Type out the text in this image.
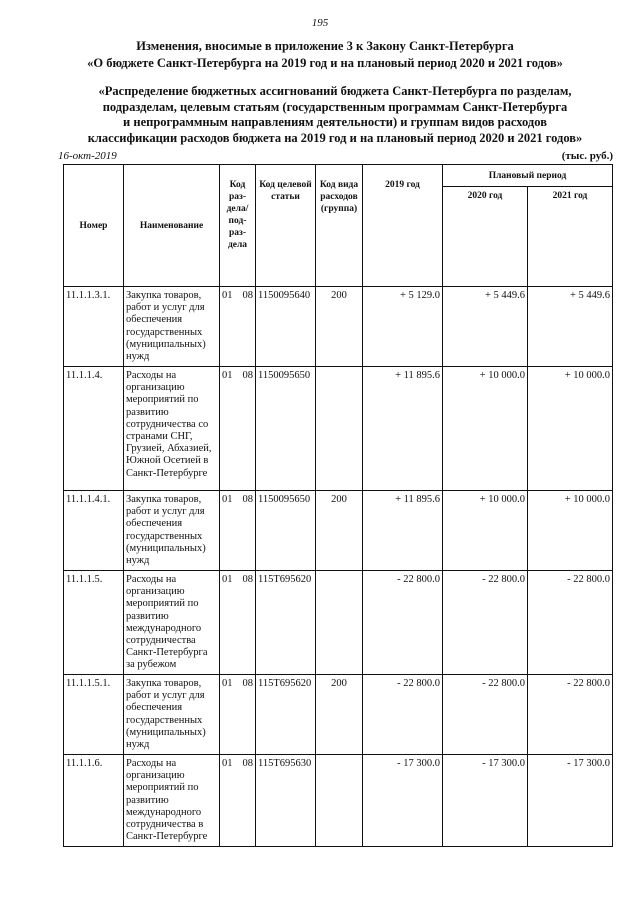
195
Изменения, вносимые в приложение 3 к Закону Санкт-Петербурга
«О бюджете Санкт-Петербурга на 2019 год и на плановый период 2020 и 2021 годов»
«Распределение бюджетных ассигнований бюджета Санкт-Петербурга по разделам,
подразделам, целевым статьям (государственным программам Санкт-Петербурга
и непрограммным направлениям деятельности) и группам видов расходов
классификации расходов бюджета на 2019 год и на плановый период 2020 и 2021 годов»
16-окт-2019	(тыс. руб.)
Номер	Наименование	Код раз-дела/ под-раз-дела	Код целевой статьи	Код вида расходов (группа)	2019 год	Плановый период	
						2020 год	2021 год
11.1.1.3.1.	Закупка товаров, работ и услуг для обеспечения государственных (муниципальных) нужд	01 08	1150095640	200	+ 5 129.0	+ 5 449.6	+ 5 449.6
11.1.1.4.	Расходы на организацию мероприятий по развитию сотрудничества со странами СНГ, Грузией, Абхазией, Южной Осетией в Санкт-Петербурге	01 08	1150095650		+ 11 895.6	+ 10 000.0	+ 10 000.0
11.1.1.4.1.	Закупка товаров, работ и услуг для обеспечения государственных (муниципальных) нужд	01 08	1150095650	200	+ 11 895.6	+ 10 000.0	+ 10 000.0
11.1.1.5.	Расходы на организацию мероприятий по развитию международного сотрудничества Санкт-Петербурга за рубежом	01 08	115Т695620		- 22 800.0	- 22 800.0	- 22 800.0
11.1.1.5.1.	Закупка товаров, работ и услуг для обеспечения государственных (муниципальных) нужд	01 08	115Т695620	200	- 22 800.0	- 22 800.0	- 22 800.0
11.1.1.6.	Расходы на организацию мероприятий по развитию международного сотрудничества в Санкт-Петербурге	01 08	115Т695630		- 17 300.0	- 17 300.0	- 17 300.0
